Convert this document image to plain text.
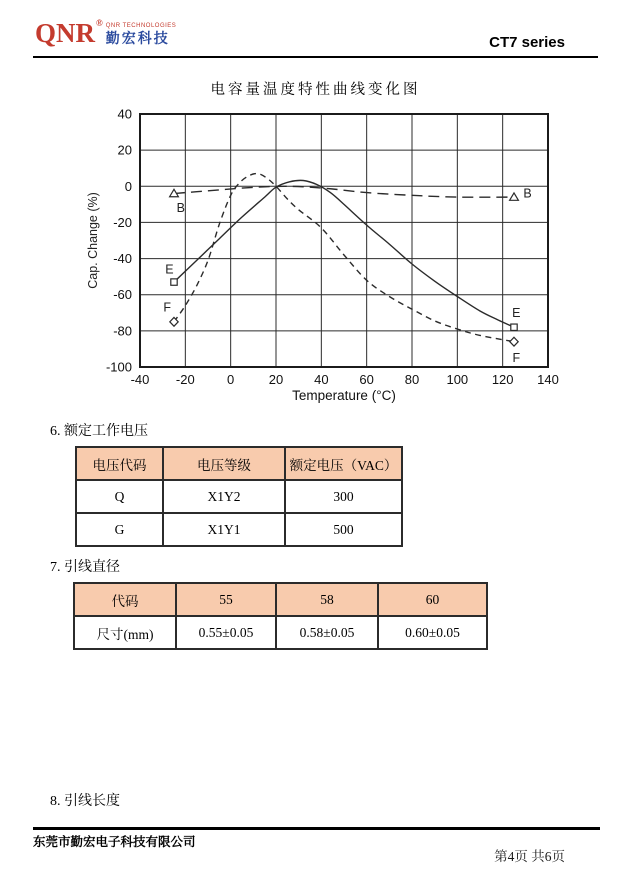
QNR ® QNR TECHNOLOGIES
勤宏科技	CT7 series
电容量温度特性曲线变化图
-40 -20 0	20 40 60 80 100 120 140
40
20
0
-20
-40
-60
-80
-100
B
E
F
B
E
F
Temperature (°C)
Cap. Change (%)
6. 额定工作电压
电压代码	电压等级	额定电压（VAC）
Q	X1Y2	300
G	X1Y1	500
7. 引线直径
代码	55	58	60
尺寸(mm)	0.55±0.05	0.58±0.05	0.60±0.05
8. 引线长度
东莞市勤宏电子科技有限公司
第4页 共6页
